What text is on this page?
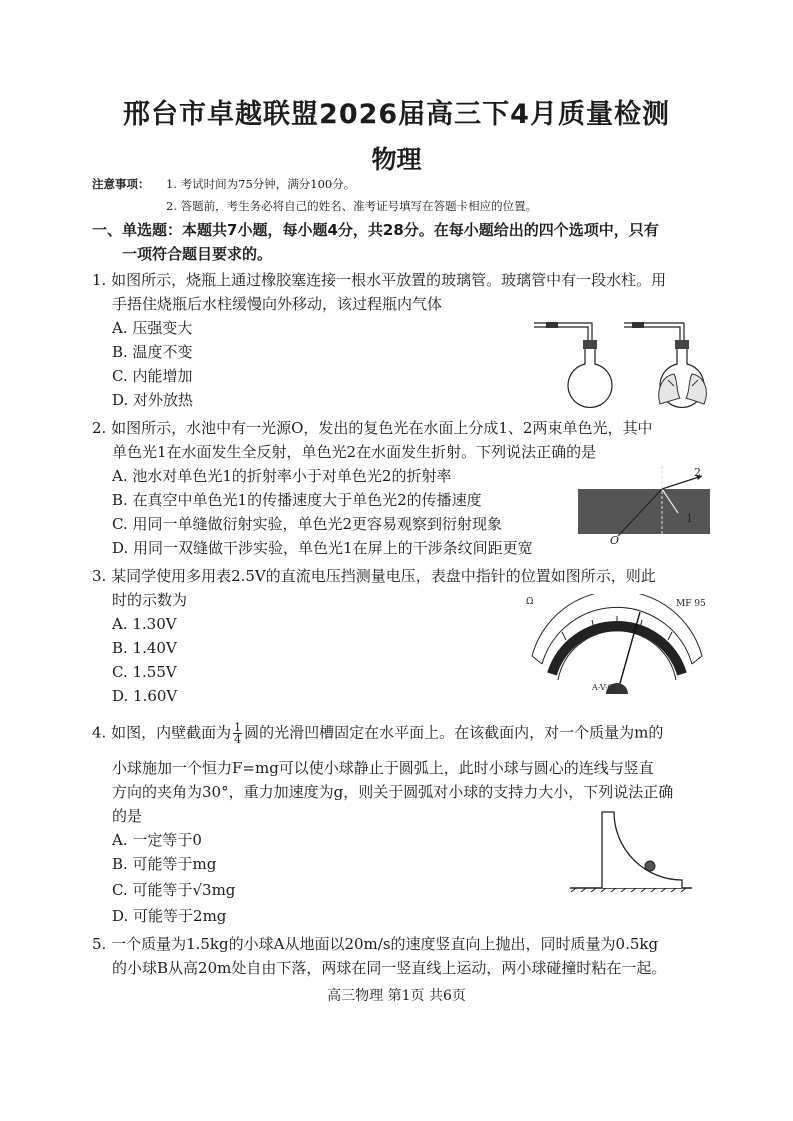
邢台市卓越联盟2026届高三下4月质量检测
物理
注意事项： 1. 考试时间为75分钟，满分100分。
2. 答题前，考生务必将自己的姓名、准考证号填写在答题卡相应的位置。
一、单选题：本题共7小题，每小题4分，共28分。在每小题给出的四个选项中，只有
一项符合题目要求的。
1. 如图所示，烧瓶上通过橡胶塞连接一根水平放置的玻璃管。玻璃管中有一段水柱。用
手捂住烧瓶后水柱缓慢向外移动，该过程瓶内气体
A. 压强变大
B. 温度不变
C. 内能增加
D. 对外放热
2. 如图所示，水池中有一光源O，发出的复色光在水面上分成1、2两束单色光，其中
单色光1在水面发生全反射，单色光2在水面发生折射。下列说法正确的是
A. 池水对单色光1的折射率小于对单色光2的折射率
B. 在真空中单色光1的传播速度大于单色光2的传播速度
C. 用同一单缝做衍射实验，单色光2更容易观察到衍射现象
D. 用同一双缝做干涉实验，单色光1在屏上的干涉条纹间距更宽
2
1
O
3. 某同学使用多用表2.5V的直流电压挡测量电压，表盘中指针的位置如图所示，则此
时的示数为
A. 1.30V
B. 1.40V
C. 1.55V
D. 1.60V
Ω	MF 95
A-V-Ω
4. 如图，内壁截面为 $\frac{1}{4}$ 圆的光滑凹槽固定在水平面上。在该截面内，对一个质量为m的
小球施加一个恒力F=mg可以使小球静止于圆弧上，此时小球与圆心的连线与竖直
方向的夹角为30°，重力加速度为g，则关于圆弧对小球的支持力大小，下列说法正确
的是
A. 一定等于0
B. 可能等于mg
C. 可能等于√3mg
D. 可能等于2mg
5. 一个质量为1.5kg的小球A从地面以20m/s的速度竖直向上抛出，同时质量为0.5kg
的小球B从高20m处自由下落，两球在同一竖直线上运动，两小球碰撞时粘在一起。
高三物理 第1页 共6页
